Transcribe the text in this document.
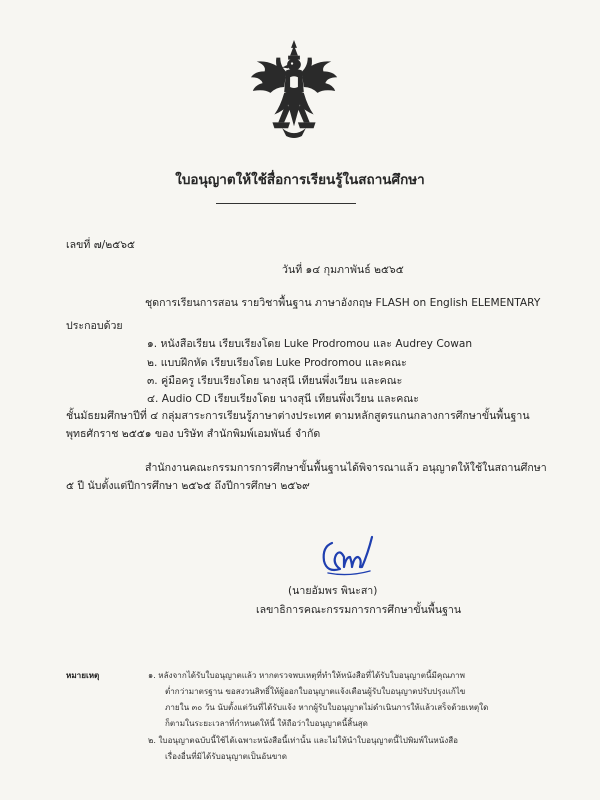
ใบอนุญาตให้ใช้สื่อการเรียนรู้ในสถานศึกษา
เลขที่ ๗/๒๕๖๕
วันที่ ๑๔ กุมภาพันธ์ ๒๕๖๕
ชุดการเรียนการสอน รายวิชาพื้นฐาน ภาษาอังกฤษ FLASH on English ELEMENTARY
ประกอบด้วย
๑. หนังสือเรียน เรียบเรียงโดย Luke Prodromou และ Audrey Cowan
๒. แบบฝึกหัด เรียบเรียงโดย Luke Prodromou และคณะ
๓. คู่มือครู เรียบเรียงโดย นางสุนี เทียนพึ่งเวียน และคณะ
๔. Audio CD เรียบเรียงโดย นางสุนี เทียนพึ่งเวียน และคณะ
ชั้นมัธยมศึกษาปีที่ ๔ กลุ่มสาระการเรียนรู้ภาษาต่างประเทศ ตามหลักสูตรแกนกลางการศึกษาขั้นพื้นฐาน
พุทธศักราช ๒๕๕๑ ของ บริษัท สำนักพิมพ์เอมพันธ์ จำกัด
สำนักงานคณะกรรมการการศึกษาขั้นพื้นฐานได้พิจารณาแล้ว อนุญาตให้ใช้ในสถานศึกษา
๕ ปี นับตั้งแต่ปีการศึกษา ๒๕๖๕ ถึงปีการศึกษา ๒๕๖๙
(นายอัมพร พินะสา)
เลขาธิการคณะกรรมการการศึกษาขั้นพื้นฐาน
หมายเหตุ	๑. หลังจากได้รับใบอนุญาตแล้ว หากตรวจพบเหตุที่ทำให้หนังสือที่ได้รับใบอนุญาตนี้มีคุณภาพ
ต่ำกว่ามาตรฐาน ขอสงวนสิทธิ์ให้ผู้ออกใบอนุญาตแจ้งเตือนผู้รับใบอนุญาตปรับปรุงแก้ไข
ภายใน ๓๐ วัน นับตั้งแต่วันที่ได้รับแจ้ง หากผู้รับใบอนุญาตไม่ดำเนินการให้แล้วเสร็จด้วยเหตุใด
ก็ตามในระยะเวลาที่กำหนดให้นี้ ให้ถือว่าใบอนุญาตนี้สิ้นสุด
๒. ใบอนุญาตฉบับนี้ใช้ได้เฉพาะหนังสือนี้เท่านั้น และไม่ให้นำใบอนุญาตนี้ไปพิมพ์ในหนังสือ
เรื่องอื่นที่มิได้รับอนุญาตเป็นอันขาด
